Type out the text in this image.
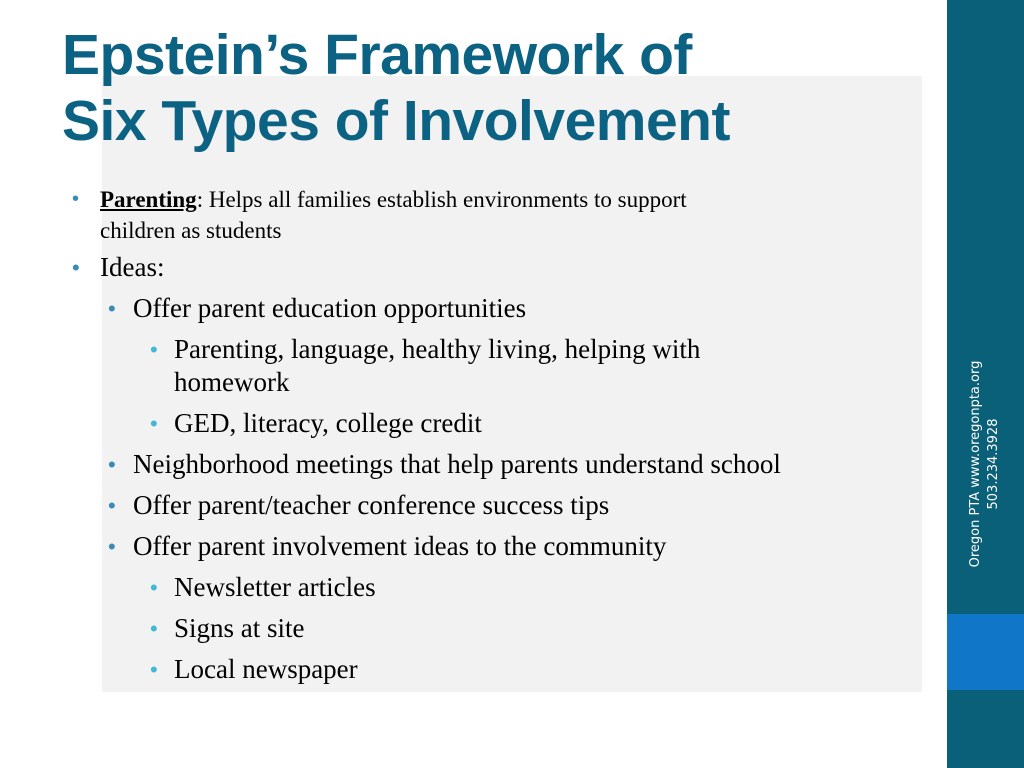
Epstein’s Framework of
Six Types of Involvement
• Parenting: Helps all families establish environments to support
children as students
• Ideas:
• Offer parent education opportunities
• Parenting, language, healthy living, helping with
homework
• GED, literacy, college credit
• Neighborhood meetings that help parents understand school
• Offer parent/teacher conference success tips
• Offer parent involvement ideas to the community
• Newsletter articles
• Signs at site
• Local newspaper
Oregon PTA www.oregonpta.org 503.234.3928
